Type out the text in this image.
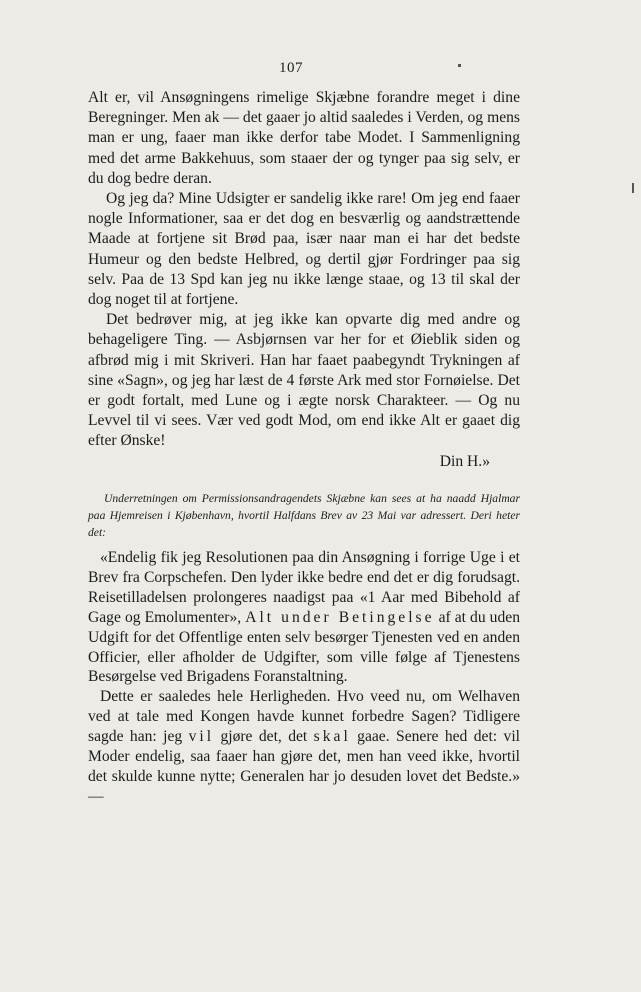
107

Alt er, vil Ansøgningens rimelige Skjæbne forandre meget i dine Beregninger. Men ak — det gaaer jo altid saaledes i Verden, og mens man er ung, faaer man ikke derfor tabe Modet. I Sammenligning med det arme Bakkehuus, som staaer der og tynger paa sig selv, er du dog bedre deran.

Og jeg da? Mine Udsigter er sandelig ikke rare! Om jeg end faaer nogle Informationer, saa er det dog en besværlig og aandstrættende Maade at fortjene sit Brød paa, især naar man ei har det bedste Humeur og den bedste Helbred, og dertil gjør Fordringer paa sig selv. Paa de 13 Spd kan jeg nu ikke længe staae, og 13 til skal der dog noget til at fortjene.

Det bedrøver mig, at jeg ikke kan opvarte dig med andre og behageligere Ting. — Asbjørnsen var her for et Øieblik siden og afbrød mig i mit Skriveri. Han har faaet paabegyndt Trykningen af sine «Sagn», og jeg har læst de 4 første Ark med stor Fornøielse. Det er godt fortalt, med Lune og i ægte norsk Charakteer. — Og nu Levvel til vi sees. Vær ved godt Mod, om end ikke Alt er gaaet dig efter Ønske!

Din H.»

Underretningen om Permissionsandragendets Skjæbne kan sees at ha naadd Hjalmar paa Hjemreisen i Kjøbenhavn, hvortil Halfdans Brev av 23 Mai var adressert. Deri heter det:

«Endelig fik jeg Resolutionen paa din Ansøgning i forrige Uge i et Brev fra Corpschefen. Den lyder ikke bedre end det er dig forudsagt. Reisetilladelsen prolongeres naadigst paa «1 Aar med Bibehold af Gage og Emolumenter», Alt under Betingelse af at du uden Udgift for det Offentlige enten selv besørger Tjenesten ved en anden Officier, eller afholder de Udgifter, som ville følge af Tjenestens Besørgelse ved Brigadens Foranstaltning.

Dette er saaledes hele Herligheden. Hvo veed nu, om Welhaven ved at tale med Kongen havde kunnet forbedre Sagen? Tidligere sagde han: jeg vil gjøre det, det skal gaae. Senere hed det: vil Moder endelig, saa faaer han gjøre det, men han veed ikke, hvortil det skulde kunne nytte; Generalen har jo desuden lovet det Bedste.» —
